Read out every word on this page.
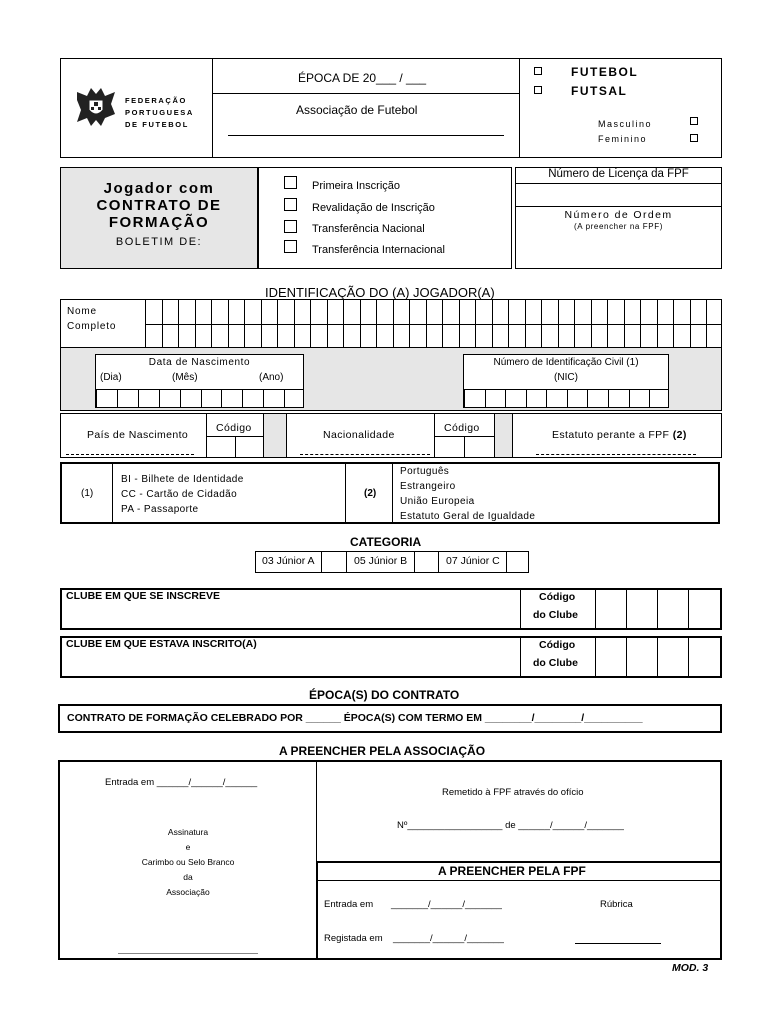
FEDERAÇÃO
PORTUGUESA
DE FUTEBOL
ÉPOCA DE 20___ / ___
Associação de Futebol
FUTEBOL
FUTSAL
Masculino
Feminino
Jogador com
CONTRATO DE
FORMAÇÃO
BOLETIM DE:
Primeira Inscrição
Revalidação de Inscrição
Transferência Nacional
Transferência Internacional
Número de Licença da FPF
Número de Ordem
(A preencher na FPF)
IDENTIFICAÇÃO DO (A) JOGADOR(A)
Nome
Completo
Data de Nascimento
(Dia)	(Mês)	(Ano)
Número de Identificação Civil (1)
(NIC)
País de Nascimento
Código
Nacionalidade
Código
Estatuto perante a FPF (2)
(1)
BI - Bilhete de Identidade
CC - Cartão de Cidadão
PA - Passaporte
(2)
Português
Estrangeiro
União Europeia
Estatuto Geral de Igualdade
CATEGORIA
03 Júnior A	05 Júnior B	07 Júnior C
CLUBE EM QUE SE INSCREVE	Código
do Clube
CLUBE EM QUE ESTAVA INSCRITO(A)	Código
do Clube
ÉPOCA(S) DO CONTRATO
CONTRATO DE FORMAÇÃO CELEBRADO POR ______ ÉPOCA(S) COM TERMO EM ________/________/__________
A PREENCHER PELA ASSOCIAÇÃO
Entrada em ______/______/______
Assinatura
e
Carimbo ou Selo Branco
da
Associação
Remetido à FPF através do ofício
Nº__________________ de ______/______/_______
A PREENCHER PELA FPF
Entrada em _______/______/_______	Rúbrica
Registada em _______/______/_______
MOD. 3
